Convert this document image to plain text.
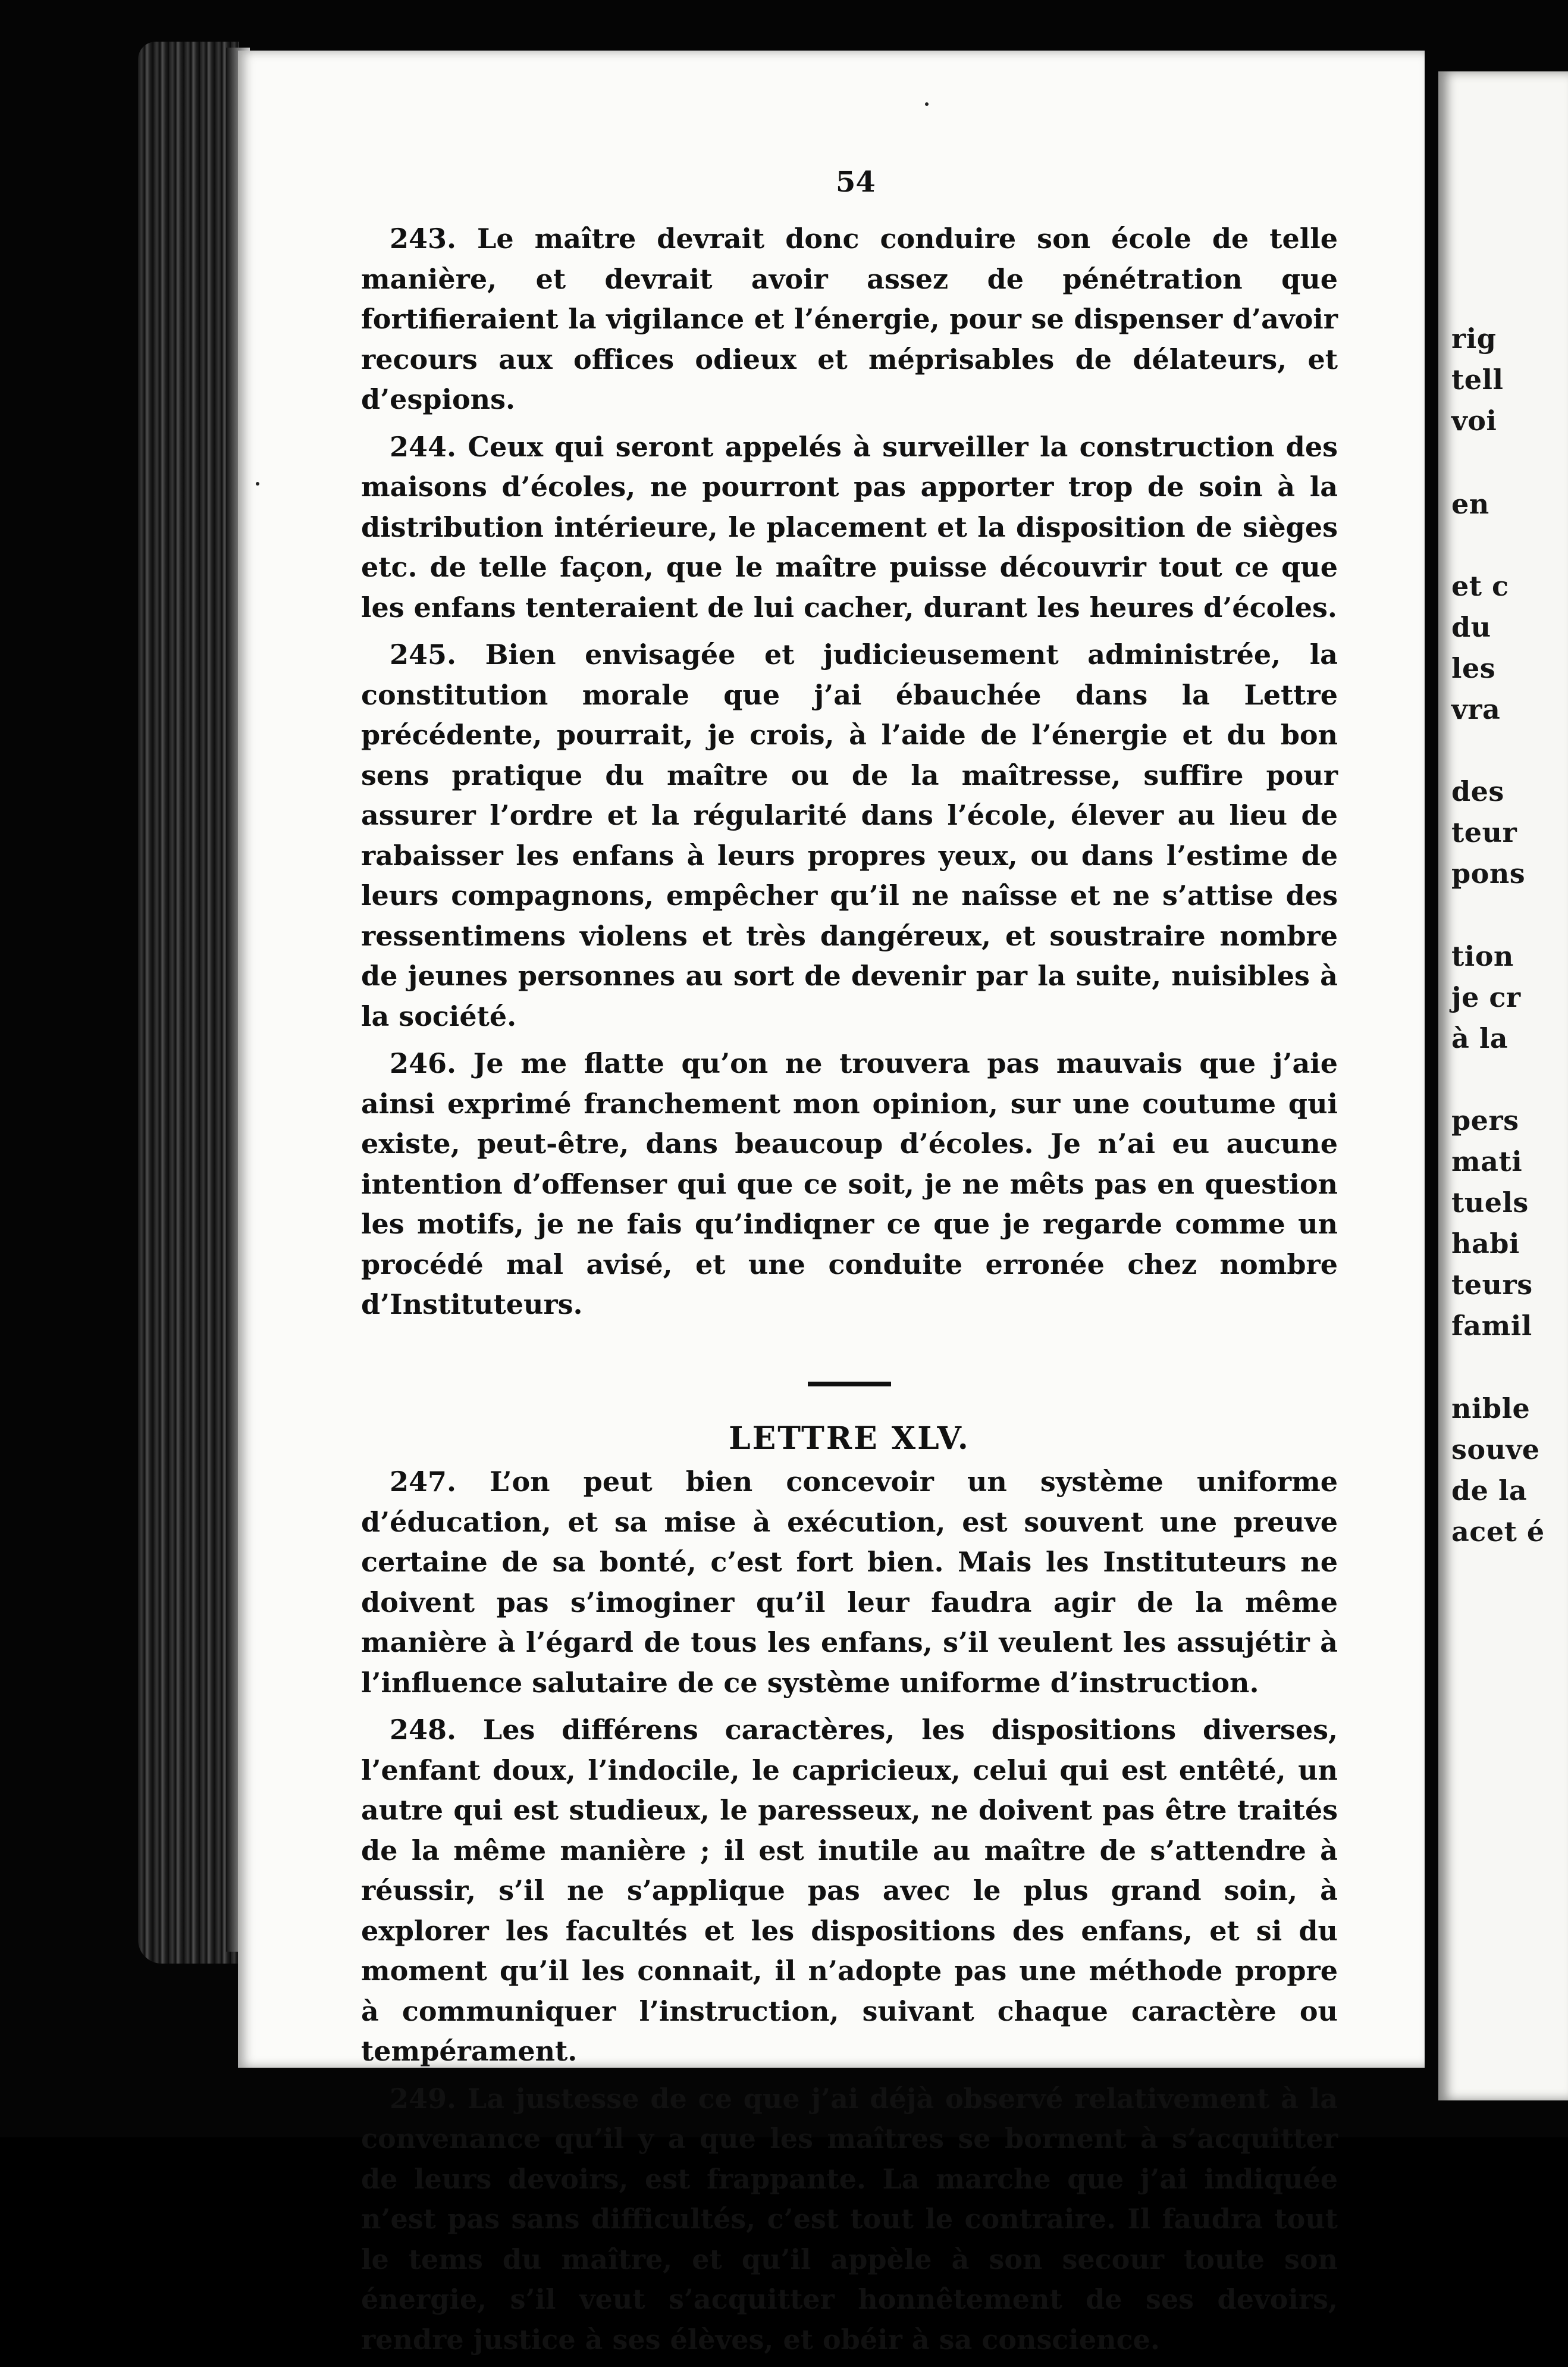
54

243. Le maître devrait donc conduire son école de telle manière, et devrait avoir assez de pénétration que fortifieraient la vigilance et l’énergie, pour se dispenser d’avoir recours aux offices odieux et méprisables de délateurs, et d’espions.

244. Ceux qui seront appelés à surveiller la construction des maisons d’écoles, ne pourront pas apporter trop de soin à la distribution intérieure, le placement et la disposition de sièges etc. de telle façon, que le maître puisse découvrir tout ce que les enfans tenteraient de lui cacher, durant les heures d’écoles.

245. Bien envisagée et judicieusement administrée, la constitution morale que j’ai ébauchée dans la Lettre précédente, pourrait, je crois, à l’aide de l’énergie et du bon sens pratique du maître ou de la maîtresse, suffire pour assurer l’ordre et la régularité dans l’école, élever au lieu de rabaisser les enfans à leurs propres yeux, ou dans l’estime de leurs compagnons, empêcher qu’il ne naîsse et ne s’attise des ressentimens violens et très dangéreux, et soustraire nombre de jeunes personnes au sort de devenir par la suite, nuisibles à la société.

246. Je me flatte qu’on ne trouvera pas mauvais que j’aie ainsi exprimé franchement mon opinion, sur une coutume qui existe, peut-être, dans beaucoup d’écoles. Je n’ai eu aucune intention d’offenser qui que ce soit, je ne mêts pas en question les motifs, je ne fais qu’indiqner ce que je regarde comme un procédé mal avisé, et une conduite erronée chez nombre d’Instituteurs.

LETTRE XLV.

247. L’on peut bien concevoir un système uniforme d’éducation, et sa mise à exécution, est souvent une preuve certaine de sa bonté, c’est fort bien. Mais les Instituteurs ne doivent pas s’imoginer qu’il leur faudra agir de la même manière à l’égard de tous les enfans, s’il veulent les assujétir à l’influence salutaire de ce système uniforme d’instruction.

248. Les différens caractères, les dispositions diverses, l’enfant doux, l’indocile, le capricieux, celui qui est entêté, un autre qui est studieux, le paresseux, ne doivent pas être traités de la même manière ; il est inutile au maître de s’attendre à réussir, s’il ne s’applique pas avec le plus grand soin, à explorer les facultés et les dispositions des enfans, et si du moment qu’il les connait, il n’adopte pas une méthode propre à communiquer l’instruction, suivant chaque caractère ou tempérament.

249. La justesse de ce que j’ai déjà observé relativement à la convenance qu’il y a que les maîtres se bornent à s’acquitter de leurs devoirs, est frappante. La marche que j’ai indiquée n’est pas sans difficultés, c’est tout le contraire. Il faudra tout le tems du maître, et qu’il appèle à son secour toute son énergie, s’il veut s’acquitter honnêtement de ses devoirs, rendre justice à ses élèves, et obéir à sa conscience.

rig
tell
voi
en
et c
du
les
vra
des
teur
pons
tion
je cr
à la
pers
mati
tuels
habi
teurs
famil
nible
souve
de la
acet é
